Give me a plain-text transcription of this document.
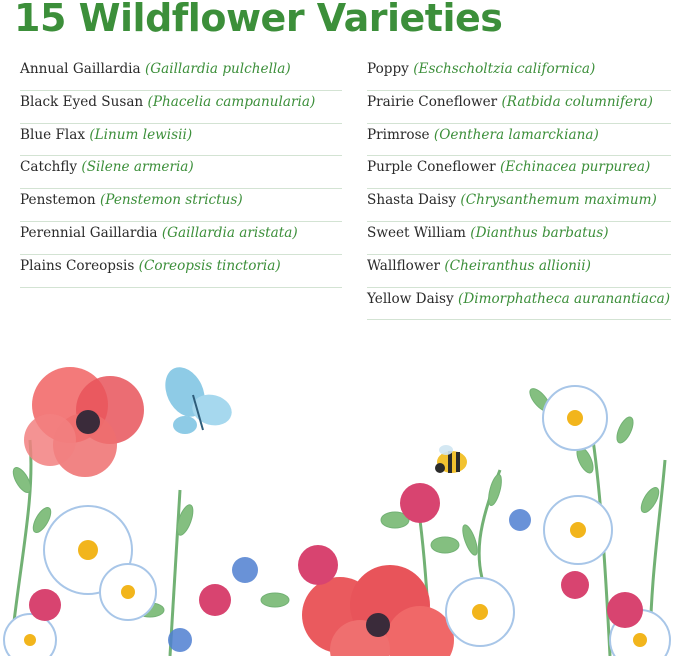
15 Wildflower Varieties
Annual Gaillardia (Gaillardia pulchella)
Black Eyed Susan (Phacelia campanularia)
Blue Flax (Linum lewisii)
Catchfly (Silene armeria)
Penstemon (Penstemon strictus)
Perennial Gaillardia (Gaillardia aristata)
Plains Coreopsis (Coreopsis tinctoria)
Poppy (Eschscholtzia californica)
Prairie Coneflower (Ratbida columnifera)
Primrose (Oenthera lamarckiana)
Purple Coneflower (Echinacea purpurea)
Shasta Daisy (Chrysanthemum maximum)
Sweet William (Dianthus barbatus)
Wallflower (Cheiranthus allionii)
Yellow Daisy (Dimorphatheca auranantiaca)
